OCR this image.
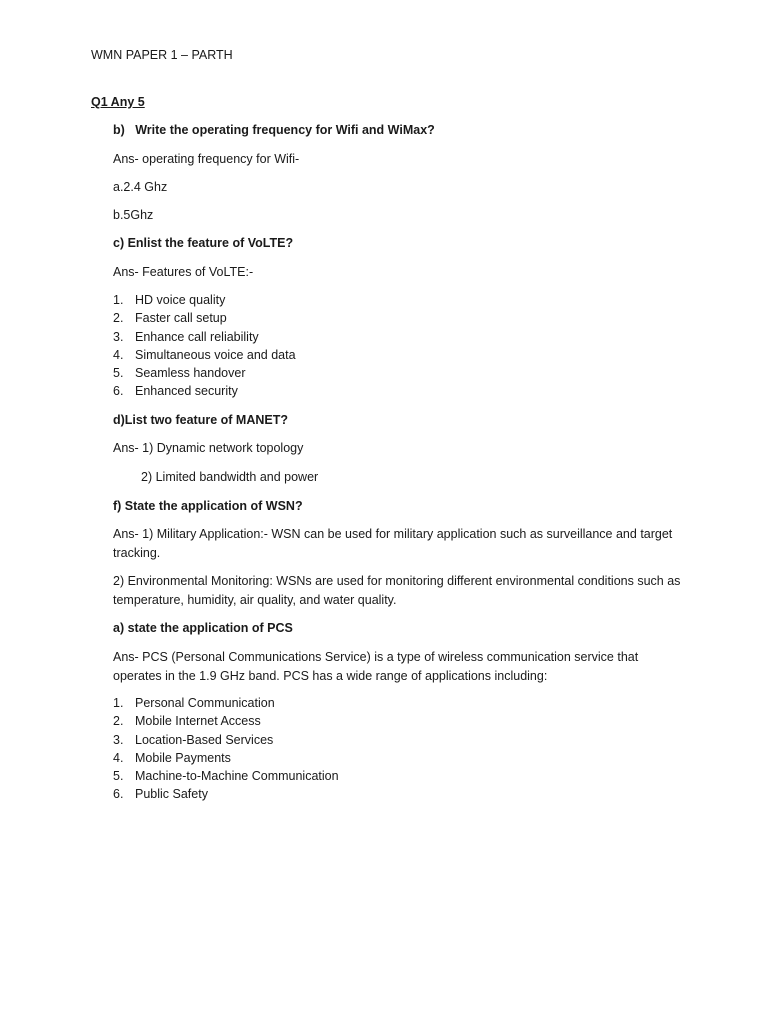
WMN PAPER 1 – PARTH
Q1 Any 5
b)   Write the operating frequency for Wifi and WiMax?
Ans- operating frequency for Wifi-
a.2.4 Ghz
b.5Ghz
c) Enlist the feature of VoLTE?
Ans- Features of VoLTE:-
1. HD voice quality
2. Faster call setup
3. Enhance call reliability
4. Simultaneous voice and data
5. Seamless handover
6. Enhanced security
d)List two feature of MANET?
Ans- 1) Dynamic network topology
2) Limited bandwidth and power
f) State the application of WSN?
Ans- 1) Military Application:- WSN can be used for military application such as surveillance and target tracking.
2) Environmental Monitoring: WSNs are used for monitoring different environmental conditions such as temperature, humidity, air quality, and water quality.
a) state the application of PCS
Ans- PCS (Personal Communications Service) is a type of wireless communication service that operates in the 1.9 GHz band. PCS has a wide range of applications including:
1. Personal Communication
2. Mobile Internet Access
3. Location-Based Services
4. Mobile Payments
5. Machine-to-Machine Communication
6. Public Safety
